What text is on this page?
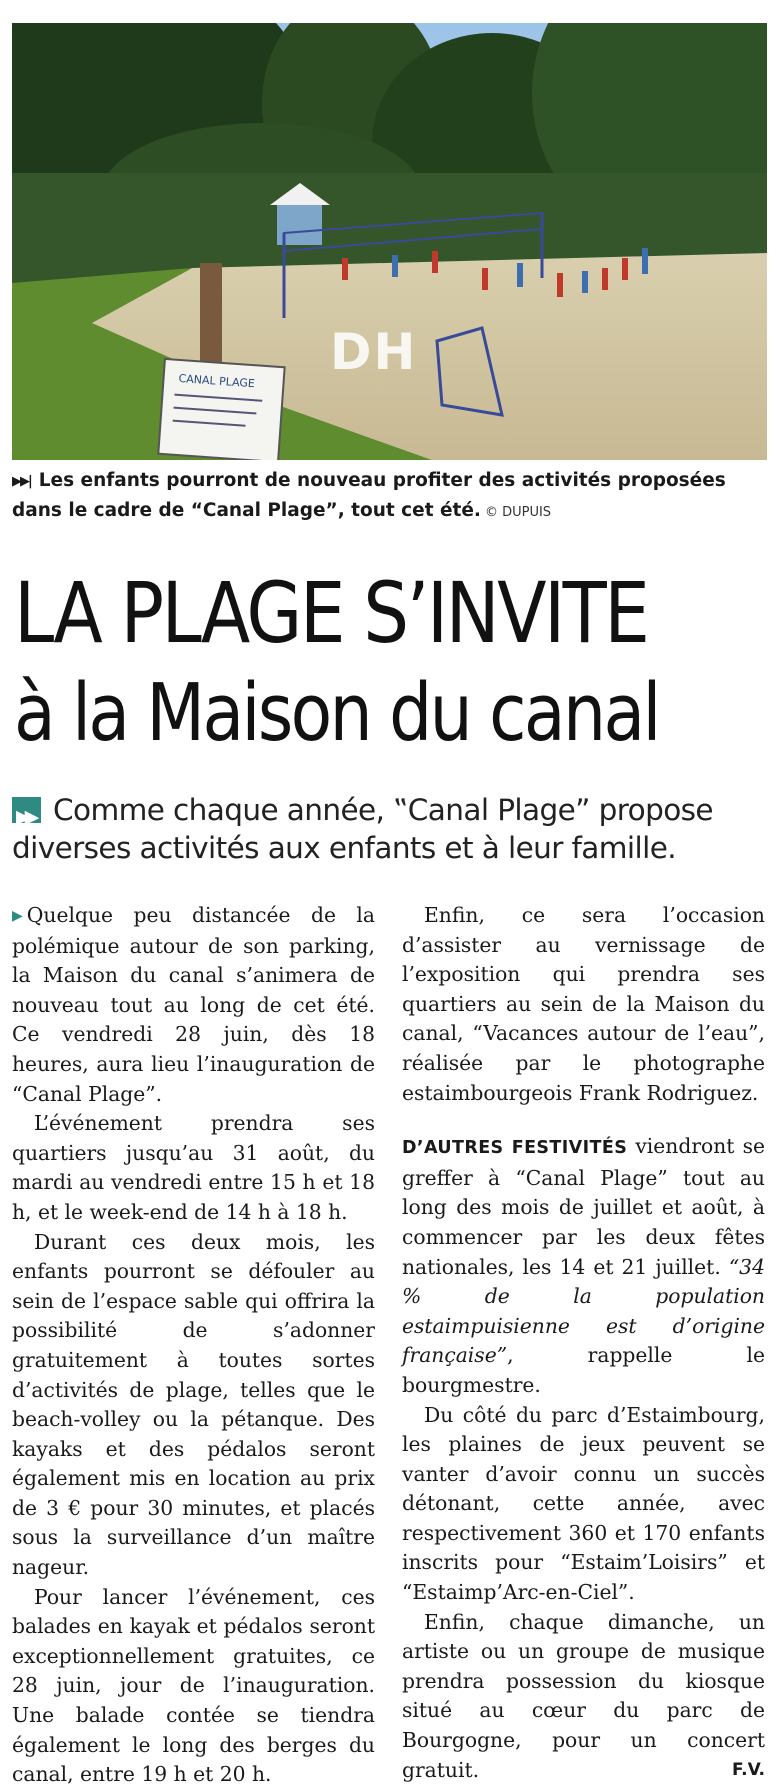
CANAL PLAGE
DH
▶▶| Les enfants pourront de nouveau profiter des activités proposées dans le cadre de “Canal Plage”, tout cet été. © DUPUIS
LA PLAGE S’INVITE
à la Maison du canal
▶▶ Comme chaque année, ‟Canal Plage” propose diverses activités aux enfants et à leur famille.

▶ Quelque peu distancée de la polémique autour de son parking, la Maison du canal s’animera de nouveau tout au long de cet été. Ce vendredi 28 juin, dès 18 heures, aura lieu l’inauguration de “Canal Plage”.

L’événement prendra ses quartiers jusqu’au 31 août, du mardi au vendredi entre 15 h et 18 h, et le week-end de 14 h à 18 h.

Durant ces deux mois, les enfants pourront se défouler au sein de l’espace sable qui offrira la possibilité de s’adonner gratuitement à toutes sortes d’activités de plage, telles que le beach-volley ou la pétanque. Des kayaks et des pédalos seront également mis en location au prix de 3 € pour 30 minutes, et placés sous la surveillance d’un maître nageur.

Pour lancer l’événement, ces balades en kayak et pédalos seront exceptionnellement gratuites, ce 28 juin, jour de l’inauguration. Une balade contée se tiendra également le long des berges du canal, entre 19 h et 20 h.

Enfin, ce sera l’occasion d’assister au vernissage de l’exposition qui prendra ses quartiers au sein de la Maison du canal, “Vacances autour de l’eau”, réalisée par le photographe estaimbourgeois Frank Rodriguez.

D’AUTRES FESTIVITÉS viendront se greffer à “Canal Plage” tout au long des mois de juillet et août, à commencer par les deux fêtes nationales, les 14 et 21 juillet. “34 % de la population estaimpuisienne est d’origine française”, rappelle le bourgmestre.

Du côté du parc d’Estaimbourg, les plaines de jeux peuvent se vanter d’avoir connu un succès détonant, cette année, avec respectivement 360 et 170 enfants inscrits pour “Estaim’Loisirs” et “Estaimp’Arc-en-Ciel”.

Enfin, chaque dimanche, un artiste ou un groupe de musique prendra possession du kiosque situé au cœur du parc de Bourgogne, pour un concert gratuit.	F.V.
